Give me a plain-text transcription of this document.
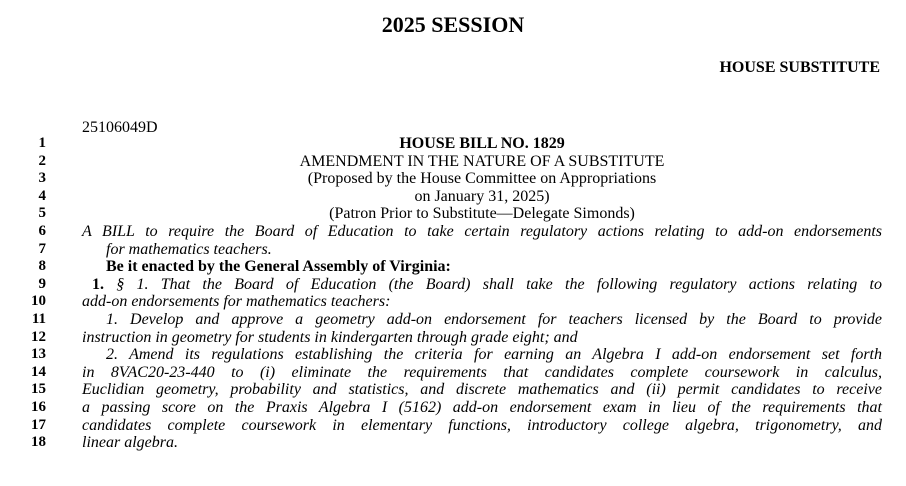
2025 SESSION
HOUSE SUBSTITUTE
25106049D
1	HOUSE BILL NO. 1829
2	AMENDMENT IN THE NATURE OF A SUBSTITUTE
3	(Proposed by the House Committee on Appropriations
4	on January 31, 2025)
5	(Patron Prior to Substitute—Delegate Simonds)
6 A BILL to require the Board of Education to take certain regulatory actions relating to add-on endorsements
7	for mathematics teachers.
8	Be it enacted by the General Assembly of Virginia:
9	1. § 1. That the Board of Education (the Board) shall take the following regulatory actions relating to
10 add-on endorsements for mathematics teachers:
11	1. Develop and approve a geometry add-on endorsement for teachers licensed by the Board to provide
12 instruction in geometry for students in kindergarten through grade eight; and
13	2. Amend its regulations establishing the criteria for earning an Algebra I add-on endorsement set forth
14 in 8VAC20-23-440 to (i) eliminate the requirements that candidates complete coursework in calculus,
15 Euclidian geometry, probability and statistics, and discrete mathematics and (ii) permit candidates to receive
16 a passing score on the Praxis Algebra I (5162) add-on endorsement exam in lieu of the requirements that
17 candidates complete coursework in elementary functions, introductory college algebra, trigonometry, and
18 linear algebra.
